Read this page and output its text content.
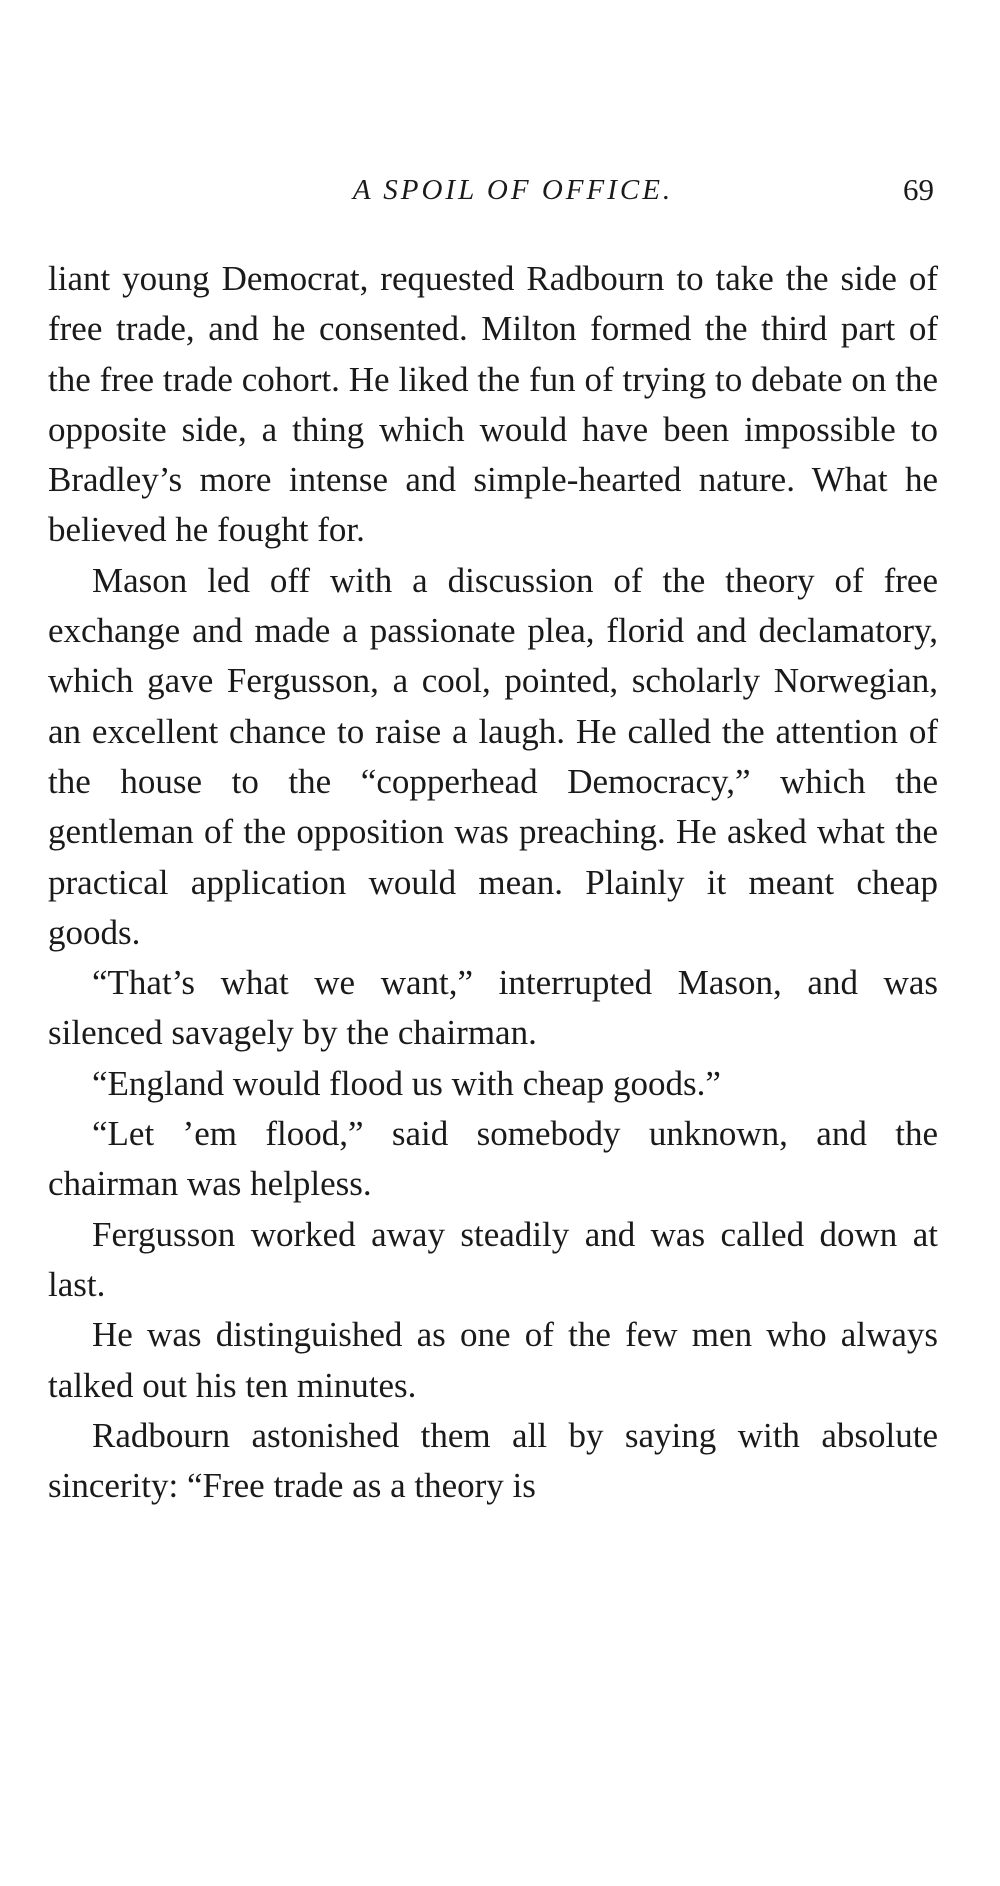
A SPOIL OF OFFICE.	69

liant young Democrat, requested Radbourn to take the side of free trade, and he consented. Milton formed the third part of the free trade cohort. He liked the fun of trying to debate on the opposite side, a thing which would have been impossible to Bradley’s more intense and simple-hearted nature. What he believed he fought for.

Mason led off with a discussion of the theory of free exchange and made a passionate plea, florid and declamatory, which gave Fergusson, a cool, pointed, scholarly Norwegian, an excellent chance to raise a laugh. He called the attention of the house to the “copperhead Democracy,” which the gentleman of the opposition was preaching. He asked what the practical application would mean. Plainly it meant cheap goods.

“That’s what we want,” interrupted Mason, and was silenced savagely by the chairman.

“England would flood us with cheap goods.”

“Let ’em flood,” said somebody unknown, and the chairman was helpless.

Fergusson worked away steadily and was called down at last.

He was distinguished as one of the few men who always talked out his ten minutes.

Radbourn astonished them all by saying with absolute sincerity: “Free trade as a theory is
